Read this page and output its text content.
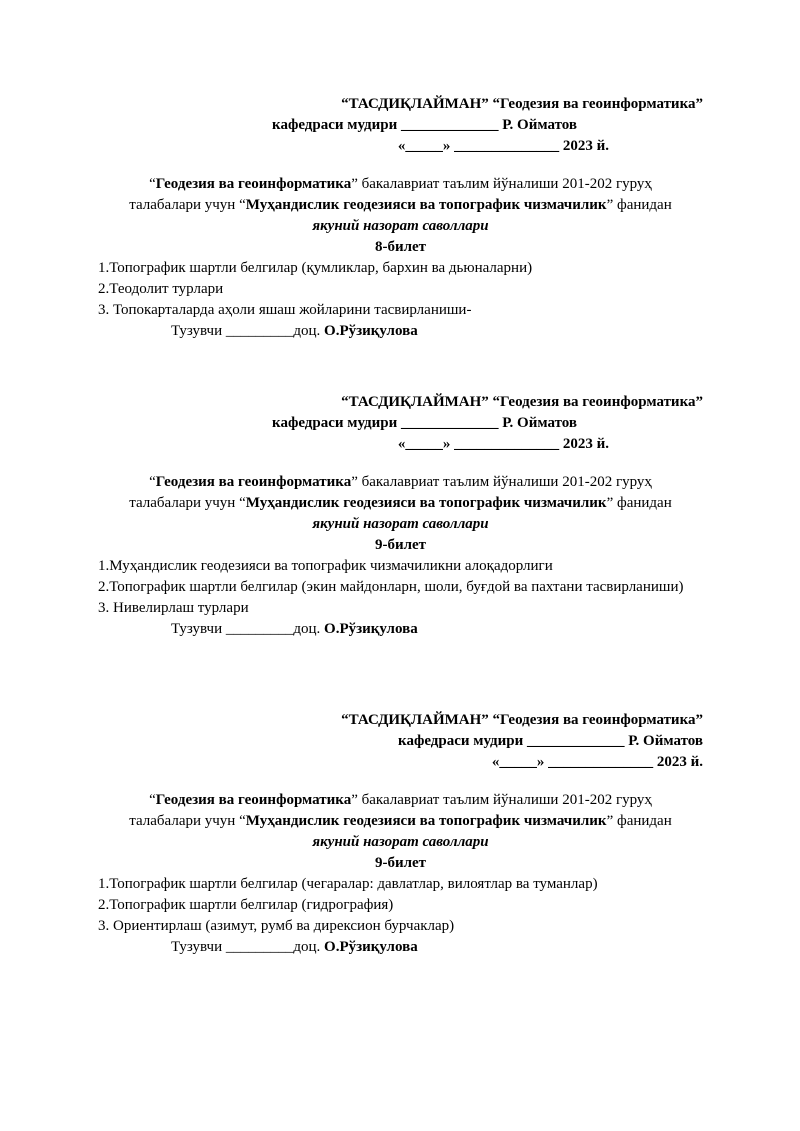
“ТАСДИҚЛАЙМАН” “Геодезия ва геоинформатика”
кафедраси мудири _____________ Р. Ойматов
«_____» ______________ 2023 й.
“Геодезия ва геоинформатика” бакалавриат таълим йўналиши 201-202 гуруҳ
талабалари учун “Муҳандислик геодезияси ва топографик чизмачилик” фанидан
якуний назорат саволлари
8-билет
1.Топографик шартли белгилар (қумликлар, бархин ва дьюналарни)
2.Теодолит турлари
3. Топокарталарда аҳоли яшаш жойларини тасвирланиши-
Тузувчи _________доц. О.Рўзиқулова
“ТАСДИҚЛАЙМАН” “Геодезия ва геоинформатика”
кафедраси мудири _____________ Р. Ойматов
«_____» ______________ 2023 й.
“Геодезия ва геоинформатика” бакалавриат таълим йўналиши 201-202 гуруҳ
талабалари учун “Муҳандислик геодезияси ва топографик чизмачилик” фанидан
якуний назорат саволлари
9-билет
1.Муҳандислик геодезияси ва топографик чизмачиликни алоқадорлиги
2.Топографик шартли белгилар (экин майдонларн, шоли, буғдой ва пахтани тасвирланиши)
3. Нивелирлаш турлари
Тузувчи _________доц. О.Рўзиқулова
“ТАСДИҚЛАЙМАН” “Геодезия ва геоинформатика”
кафедраси мудири _____________ Р. Ойматов
«_____» ______________ 2023 й.
“Геодезия ва геоинформатика” бакалавриат таълим йўналиши 201-202 гуруҳ
талабалари учун “Муҳандислик геодезияси ва топографик чизмачилик” фанидан
якуний назорат саволлари
9-билет
1.Топографик шартли белгилар (чегаралар: давлатлар, вилоятлар ва туманлар)
2.Топографик шартли белгилар (гидрография)
3. Ориентирлаш (азимут, румб ва дирексион бурчаклар)
Тузувчи _________доц. О.Рўзиқулова
